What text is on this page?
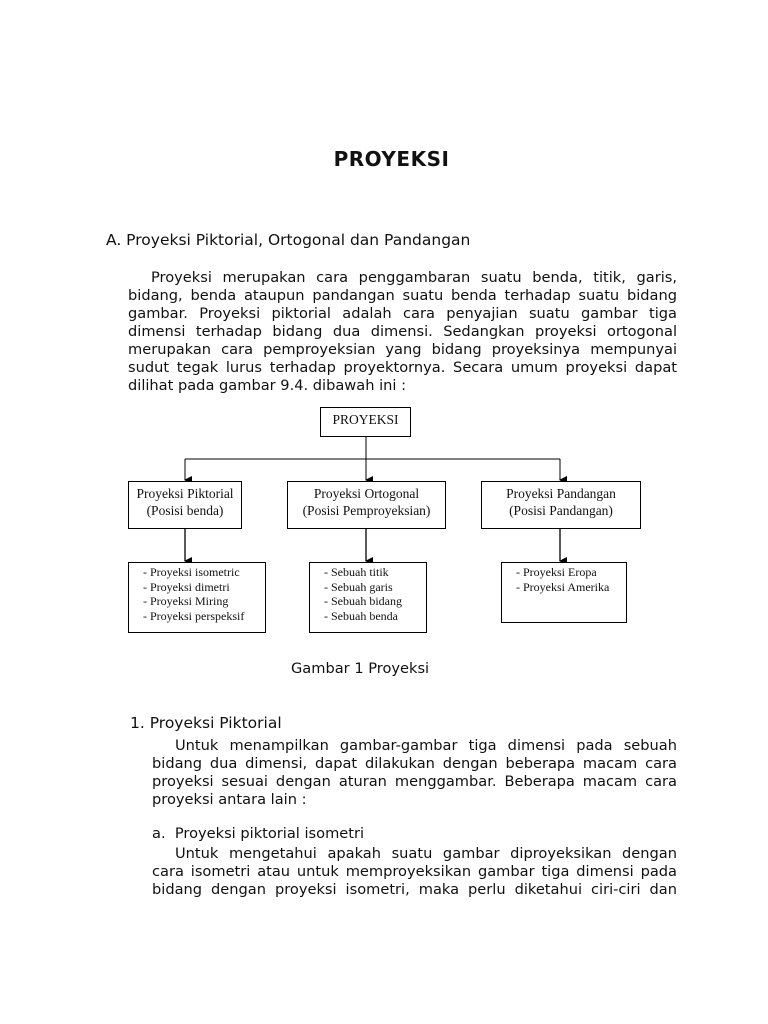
PROYEKSI
A. Proyeksi Piktorial, Ortogonal dan Pandangan
Proyeksi merupakan cara penggambaran suatu benda, titik, garis,
bidang, benda ataupun pandangan suatu benda terhadap suatu bidang
gambar. Proyeksi piktorial adalah cara penyajian suatu gambar tiga
dimensi terhadap bidang dua dimensi. Sedangkan proyeksi ortogonal
merupakan cara pemproyeksian yang bidang proyeksinya mempunyai
sudut tegak lurus terhadap proyektornya. Secara umum proyeksi dapat
dilihat pada gambar 9.4. dibawah ini :
PROYEKSI
Proyeksi Piktorial
(Posisi benda)
Proyeksi Ortogonal
(Posisi Pemproyeksian)
Proyeksi Pandangan
(Posisi Pandangan)
- Proyeksi isometric
- Proyeksi dimetri
- Proyeksi Miring
- Proyeksi perspeksif
- Sebuah titik
- Sebuah garis
- Sebuah bidang
- Sebuah benda
- Proyeksi Eropa
- Proyeksi Amerika
Gambar 1 Proyeksi
1. Proyeksi Piktorial
Untuk menampilkan gambar-gambar tiga dimensi pada sebuah
bidang dua dimensi, dapat dilakukan dengan beberapa macam cara
proyeksi sesuai dengan aturan menggambar. Beberapa macam cara
proyeksi antara lain :
a.  Proyeksi piktorial isometri
Untuk mengetahui apakah suatu gambar diproyeksikan dengan
cara isometri atau untuk memproyeksikan gambar tiga dimensi pada
bidang dengan proyeksi isometri, maka perlu diketahui ciri-ciri dan
